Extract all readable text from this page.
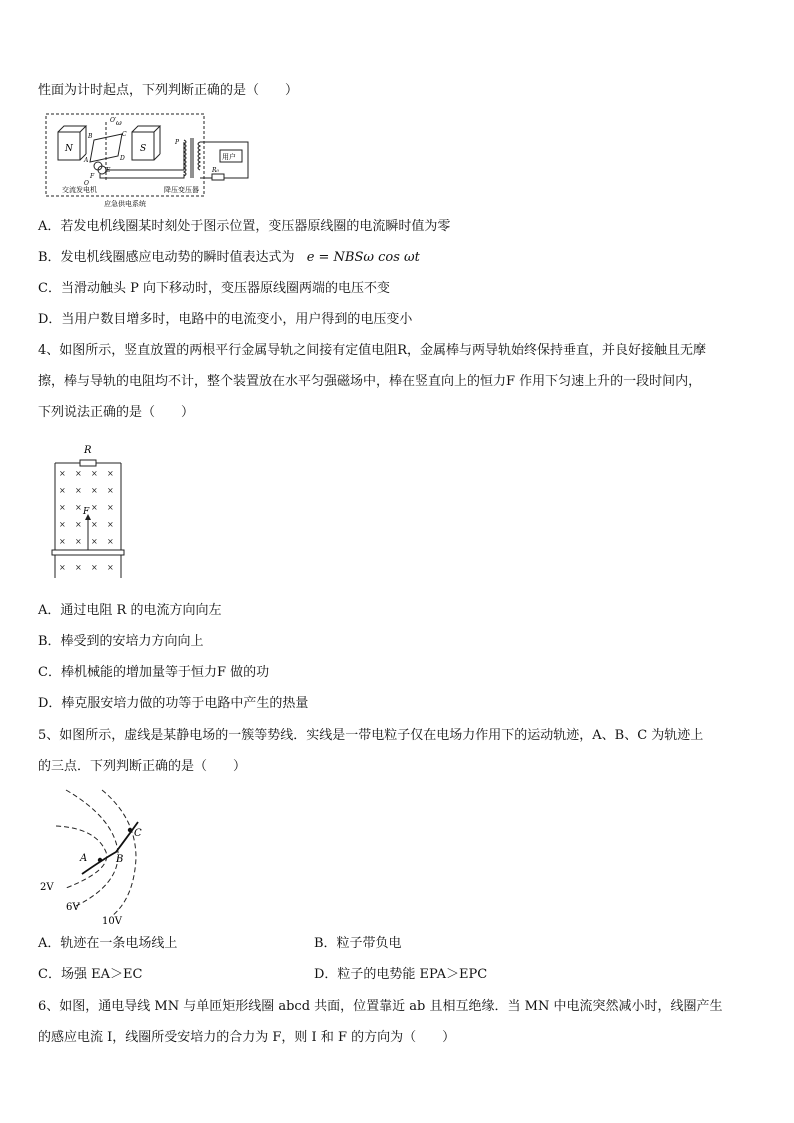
性面为计时起点，下列判断正确的是（　　）
N	S
ω
O′
B	C
D
A
E
F
O
P
用户
R₀
交流发电机	降压变压器
应急供电系统
A．若发电机线圈某时刻处于图示位置，变压器原线圈的电流瞬时值为零
B．发电机线圈感应电动势的瞬时值表达式为 e = NBSω cos ωt
C．当滑动触头 P 向下移动时，变压器原线圈两端的电压不变
D．当用户数目增多时，电路中的电流变小，用户得到的电压变小
4、如图所示，竖直放置的两根平行金属导轨之间接有定值电阻R，金属棒与两导轨始终保持垂直，并良好接触且无摩
擦，棒与导轨的电阻均不计，整个装置放在水平匀强磁场中，棒在竖直向上的恒力F 作用下匀速上升的一段时间内，
下列说法正确的是（　　）
R
× × × ×
× × × ×
× × × ×
× × × ×
× × × ×
× × × ×
F
A．通过电阻 R 的电流方向向左
B．棒受到的安培力方向向上
C．棒机械能的增加量等于恒力F 做的功
D．棒克服安培力做的功等于电路中产生的热量
5、如图所示，虚线是某静电场的一簇等势线．实线是一带电粒子仅在电场力作用下的运动轨迹，A、B、C 为轨迹上
的三点．下列判断正确的是（　　）
A	B
C
2V
6V
10V
A．轨迹在一条电场线上	B．粒子带负电
C．场强 EA＞EC	D．粒子的电势能 EPA＞EPC
6、如图，通电导线 MN 与单匝矩形线圈 abcd 共面，位置靠近 ab 且相互绝缘．当 MN 中电流突然减小时，线圈产生
的感应电流 I，线圈所受安培力的合力为 F，则 I 和 F 的方向为（　　）
